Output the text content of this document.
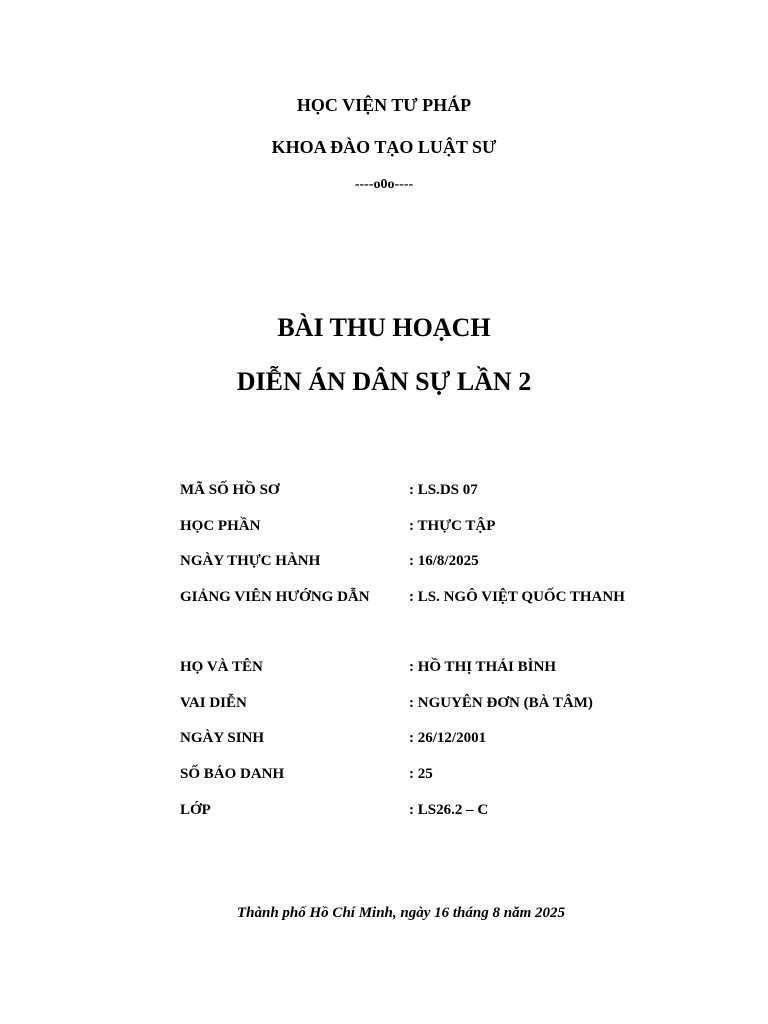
HỌC VIỆN TƯ PHÁP
KHOA ĐÀO TẠO LUẬT SƯ
----o0o----
BÀI THU HOẠCH
DIỄN ÁN DÂN SỰ LẦN 2
MÃ SỐ HỒ SƠ	: LS.DS 07
HỌC PHẦN	: THỰC TẬP
NGÀY THỰC HÀNH	: 16/8/2025
GIẢNG VIÊN HƯỚNG DẪN	: LS. NGÔ VIỆT QUỐC THANH
HỌ VÀ TÊN	: HỒ THỊ THÁI BÌNH
VAI DIỄN	: NGUYÊN ĐƠN (BÀ TÂM)
NGÀY SINH	: 26/12/2001
SỐ BÁO DANH	: 25
LỚP	: LS26.2 – C
Thành phố Hồ Chí Minh, ngày 16 tháng 8 năm 2025
